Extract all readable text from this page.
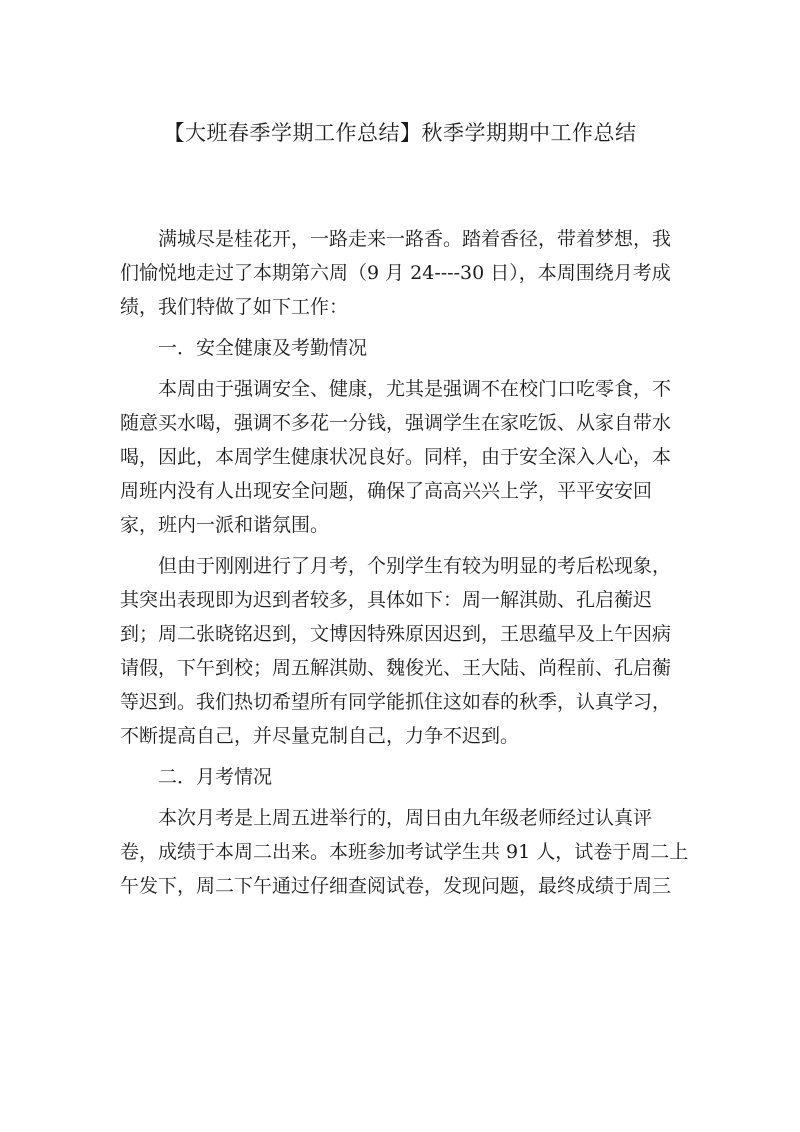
【大班春季学期工作总结】秋季学期期中工作总结

满城尽是桂花开，一路走来一路香。踏着香径，带着梦想，我
们愉悦地走过了本期第六周（9 月 24----30 日），本周围绕月考成
绩，我们特做了如下工作：

一．安全健康及考勤情况

本周由于强调安全、健康，尤其是强调不在校门口吃零食，不
随意买水喝，强调不多花一分钱，强调学生在家吃饭、从家自带水
喝，因此，本周学生健康状况良好。同样，由于安全深入人心，本
周班内没有人出现安全问题，确保了高高兴兴上学，平平安安回
家，班内一派和谐氛围。

但由于刚刚进行了月考，个别学生有较为明显的考后松现象，
其突出表现即为迟到者较多，具体如下：周一解淇勋、孔启蘅迟
到；周二张晓铭迟到，文博因特殊原因迟到，王思蕴早及上午因病
请假，下午到校；周五解淇勋、魏俊光、王大陆、尚程前、孔启蘅
等迟到。我们热切希望所有同学能抓住这如春的秋季，认真学习，
不断提高自己，并尽量克制自己，力争不迟到。

二．月考情况

本次月考是上周五进举行的，周日由九年级老师经过认真评
卷，成绩于本周二出来。本班参加考试学生共 91 人，试卷于周二上
午发下，周二下午通过仔细查阅试卷，发现问题，最终成绩于周三
